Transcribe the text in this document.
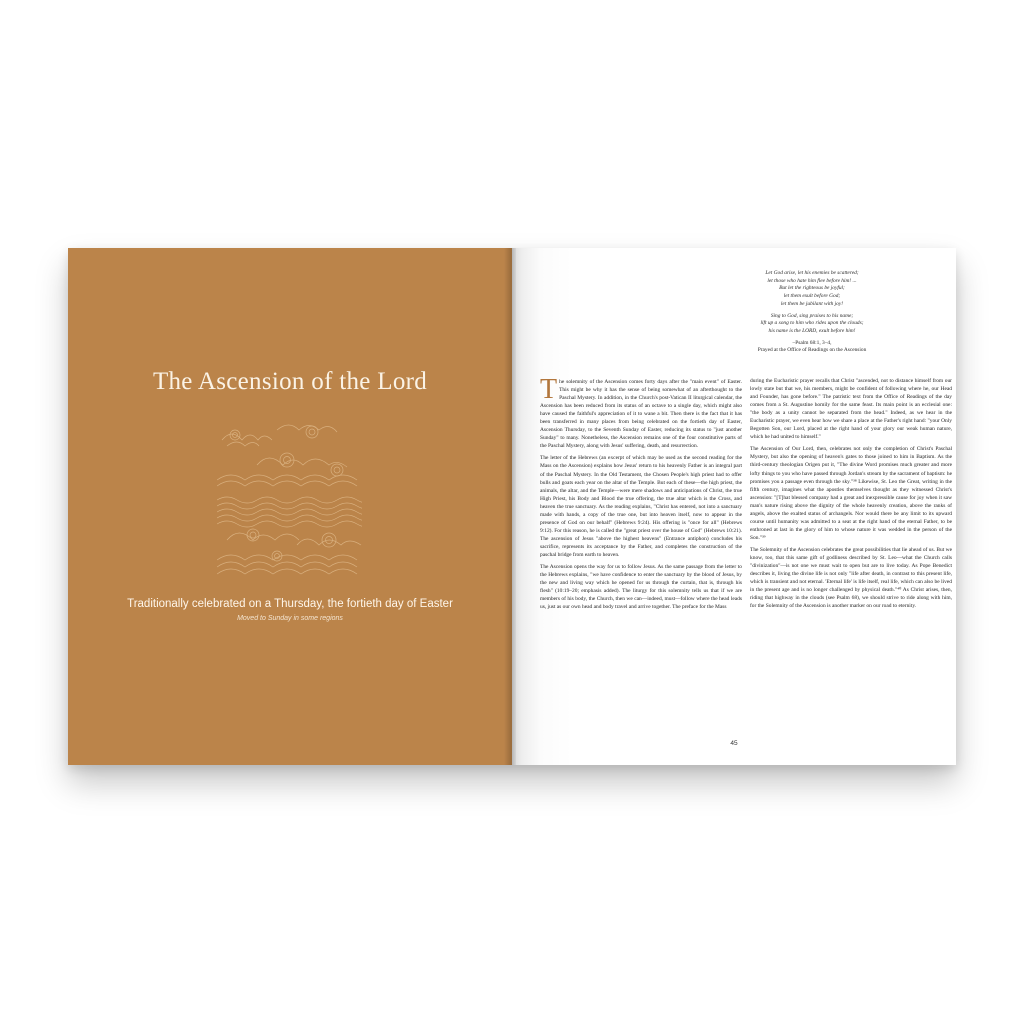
The Ascension of the Lord
Traditionally celebrated on a Thursday, the fortieth day of Easter
Moved to Sunday in some regions
Let God arise, let his enemies be scattered;
let those who hate him flee before him! ...
But let the righteous be joyful;
let them exult before God;
let them be jubilant with joy!
Sing to God, sing praises to his name;
lift up a song to him who rides upon the clouds;
his name is the LORD, exult before him!
–Psalm 68:1, 3–4,
Prayed at the Office of Readings on the Ascension

The solemnity of the Ascension comes forty days after the "main event" of Easter. This might be why it has the sense of being somewhat of an afterthought to the Paschal Mystery. In addition, in the Church's post-Vatican II liturgical calendar, the Ascension has been reduced from its status of an octave to a single day, which might also have caused the faithful's appreciation of it to wane a bit. Then there is the fact that it has been transferred in many places from being celebrated on the fortieth day of Easter, Ascension Thursday, to the Seventh Sunday of Easter, reducing its status to "just another Sunday" to many. Nonetheless, the Ascension remains one of the four constitutive parts of the Paschal Mystery, along with Jesus' suffering, death, and resurrection.

The letter of the Hebrews (an excerpt of which may be used as the second reading for the Mass on the Ascension) explains how Jesus' return to his heavenly Father is an integral part of the Paschal Mystery. In the Old Testament, the Chosen People's high priest had to offer bulls and goats each year on the altar of the Temple. But each of these—the high priest, the animals, the altar, and the Temple—were mere shadows and anticipations of Christ, the true High Priest, his Body and Blood the true offering, the true altar which is the Cross, and heaven the true sanctuary. As the reading explains, "Christ has entered, not into a sanctuary made with hands, a copy of the true one, but into heaven itself, now to appear in the presence of God on our behalf" (Hebrews 9:24). His offering is "once for all" (Hebrews 9:12). For this reason, he is called the "great priest over the house of God" (Hebrews 10:21). The ascension of Jesus "above the highest heavens" (Entrance antiphon) concludes his sacrifice, represents its acceptance by the Father, and completes the construction of the paschal bridge from earth to heaven.

The Ascension opens the way for us to follow Jesus. As the same passage from the letter to the Hebrews explains, "we have confidence to enter the sanctuary by the blood of Jesus, by the new and living way which he opened for us through the curtain, that is, through his flesh" (10:19–20; emphasis added). The liturgy for this solemnity tells us that if we are members of his body, the Church, then we can—indeed, must—follow where the head leads us, just as our own head and body travel and arrive together. The preface for the Mass

during the Eucharistic prayer recalls that Christ "ascended, not to distance himself from our lowly state but that we, his members, might be confident of following where he, our Head and Founder, has gone before." The patristic text from the Office of Readings of the day comes from a St. Augustine homily for the same feast. Its main point is an ecclesial one: "the body as a unity cannot be separated from the head." Indeed, as we hear in the Eucharistic prayer, we even hear how we share a place at the Father's right hand: "your Only Begotten Son, our Lord, placed at the right hand of your glory our weak human nature, which he had united to himself."

The Ascension of Our Lord, then, celebrates not only the completion of Christ's Paschal Mystery, but also the opening of heaven's gates to those joined to him in Baptism. As the third-century theologian Origen put it, "The divine Word promises much greater and more lofty things to you who have passed through Jordan's stream by the sacrament of baptism: he promises you a passage even through the sky."³⁸ Likewise, St. Leo the Great, writing in the fifth century, imagines what the apostles themselves thought as they witnessed Christ's ascension: "[T]hat blessed company had a great and inexpressible cause for joy when it saw man's nature rising above the dignity of the whole heavenly creation, above the ranks of angels, above the exalted status of archangels. Nor would there be any limit to its upward course until humanity was admitted to a seat at the right hand of the eternal Father, to be enthroned at last in the glory of him to whose nature it was wedded in the person of the Son."³⁹

The Solemnity of the Ascension celebrates the great possibilities that lie ahead of us. But we know, too, that this same gift of godliness described by St. Leo—what the Church calls "divinization"—is not one we must wait to open but are to live today. As Pope Benedict describes it, living the divine life is not only "life after death, in contrast to this present life, which is transient and not eternal. 'Eternal life' is life itself, real life, which can also be lived in the present age and is no longer challenged by physical death."⁴⁰ As Christ arises, then, riding that highway in the clouds (see Psalm 68), we should strive to ride along with him, for the Solemnity of the Ascension is another marker on our road to eternity.

45
